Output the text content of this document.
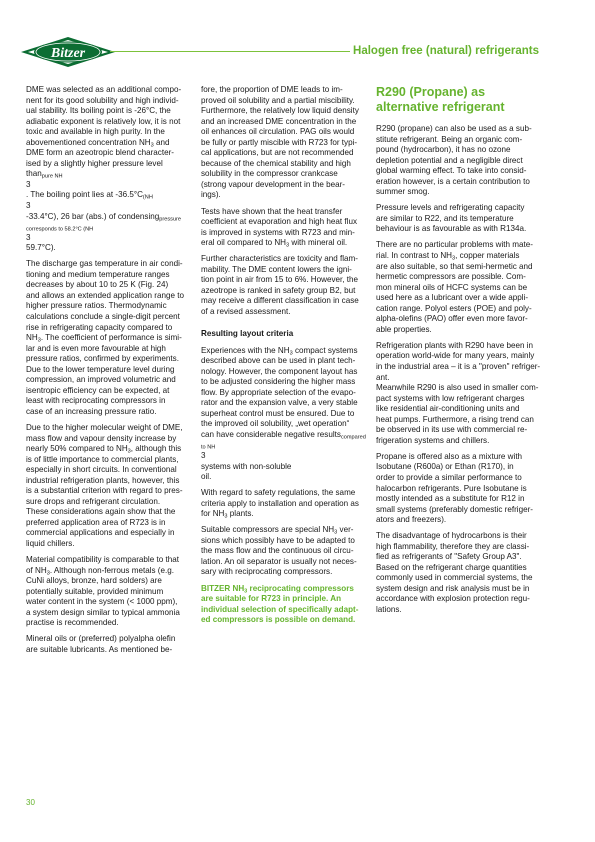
Bitzer	Halogen free (natural) refrigerants

DME was selected as an additional compo-
nent for its good solubility and high individ-
ual stability. Its boiling point is -26°C, the
adiabatic exponent is relatively low, it is not
toxic and available in high purity. In the
abovementioned concentration $NH_3$ and
DME form an azeotropic blend character-
ised by a slightly higher pressure level than$_{pure NH}$
3
. The boiling point lies at $-36.5^\circ C_{(NH}$
3
-33.4°C), 26 bar (abs.) of condensing$_{pressure corresponds to 58.2^\circ C (NH}$
3
59.7°C).

The discharge gas temperature in air condi-
tioning and medium temperature ranges
decreases by about 10 to 25 K (Fig. 24)
and allows an extended application range to
higher pressure ratios. Thermodynamic
calculations conclude a single-digit percent
rise in refrigerating capacity compared to
$NH_3$. The coefficient of performance is simi-
lar and is even more favourable at high
pressure ratios, confirmed by experiments.
Due to the lower temperature level during
compression, an improved volumetric and
isentropic efficiency can be expected, at
least with reciprocating compressors in
case of an increasing pressure ratio.

Due to the higher molecular weight of DME,
mass flow and vapour density increase by
nearly 50% compared to $NH_3$, although this
is of little importance to commercial plants,
especially in short circuits. In conventional
industrial refrigeration plants, however, this
is a substantial criterion with regard to pres-
sure drops and refrigerant circulation.
These considerations again show that the
preferred application area of R723 is in
commercial applications and especially in
liquid chillers.

Material compatibility is comparable to that
of $NH_3$. Although non-ferrous metals (e.g.
CuNi alloys, bronze, hard solders) are
potentially suitable, provided minimum
water content in the system (< 1000 ppm),
a system design similar to typical ammonia
practise is recommended.

Mineral oils or (preferred) polyalpha olefin
are suitable lubricants. As mentioned be-

fore, the proportion of DME leads to im-
proved oil solubility and a partial miscibility.
Furthermore, the relatively low liquid density
and an increased DME concentration in the
oil enhances oil circulation. PAG oils would
be fully or partly miscible with R723 for typi-
cal applications, but are not recommended
because of the chemical stability and high
solubility in the compressor crankcase
(strong vapour development in the bear-
ings).

Tests have shown that the heat transfer
coefficient at evaporation and high heat flux
is improved in systems with R723 and min-
eral oil compared to $NH_3$ with mineral oil.

Further characteristics are toxicity and flam-
mability. The DME content lowers the igni-
tion point in air from 15 to 6%. However, the
azeotrope is ranked in safety group B2, but
may receive a different classification in case
of a revised assessment.

Resulting layout criteria

Experiences with the $NH_3$ compact systems
described above can be used in plant tech-
nology. However, the component layout has
to be adjusted considering the higher mass
flow. By appropriate selection of the evapo-
rator and the expansion valve, a very stable
superheat control must be ensured. Due to
the improved oil solubility, „wet operation“
can have considerable negative results$_{compared to NH}$
3
systems with non-soluble
oil.

With regard to safety regulations, the same
criteria apply to installation and operation as
for $NH_3$ plants.

Suitable compressors are special $NH_3$ ver-
sions which possibly have to be adapted to
the mass flow and the continuous oil circu-
lation. An oil separator is usually not neces-
sary with reciprocating compressors.

BITZER $NH_3$ reciprocating compressors
are suitable for R723 in principle. An
individual selection of specifically adapt-
ed compressors is possible on demand.

R290 (Propane) as
alternative refrigerant

R290 (propane) can also be used as a sub-
stitute refrigerant. Being an organic com-
pound (hydrocarbon), it has no ozone
depletion potential and a negligible direct
global warming effect. To take into consid-
eration however, is a certain contribution to
summer smog.

Pressure levels and refrigerating capacity
are similar to R22, and its temperature
behaviour is as favourable as with R134a.

There are no particular problems with mate-
rial. In contrast to $NH_3$, copper materials
are also suitable, so that semi-hermetic and
hermetic compressors are possible. Com-
mon mineral oils of HCFC systems can be
used here as a lubricant over a wide appli-
cation range. Polyol esters (POE) and poly-
alpha-olefins (PAO) offer even more favor-
able properties.

Refrigeration plants with R290 have been in
operation world-wide for many years, mainly
in the industrial area – it is a "proven" refriger-
ant.
Meanwhile R290 is also used in smaller com-
pact systems with low refrigerant charges
like residential air-conditioning units and
heat pumps. Furthermore, a rising trend can
be observed in its use with commercial re-
frigeration systems and chillers.

Propane is offered also as a mixture with
Isobutane (R600a) or Ethan (R170), in
order to provide a similar performance to
halocarbon refrigerants. Pure Isobutane is
mostly intended as a substitute for R12 in
small systems (preferably domestic refriger-
ators and freezers).

The disadvantage of hydrocarbons is their
high flammability, therefore they are classi-
fied as refrigerants of "Safety Group A3".
Based on the refrigerant charge quantities
commonly used in commercial systems, the
system design and risk analysis must be in
accordance with explosion protection regu-
lations.

30
